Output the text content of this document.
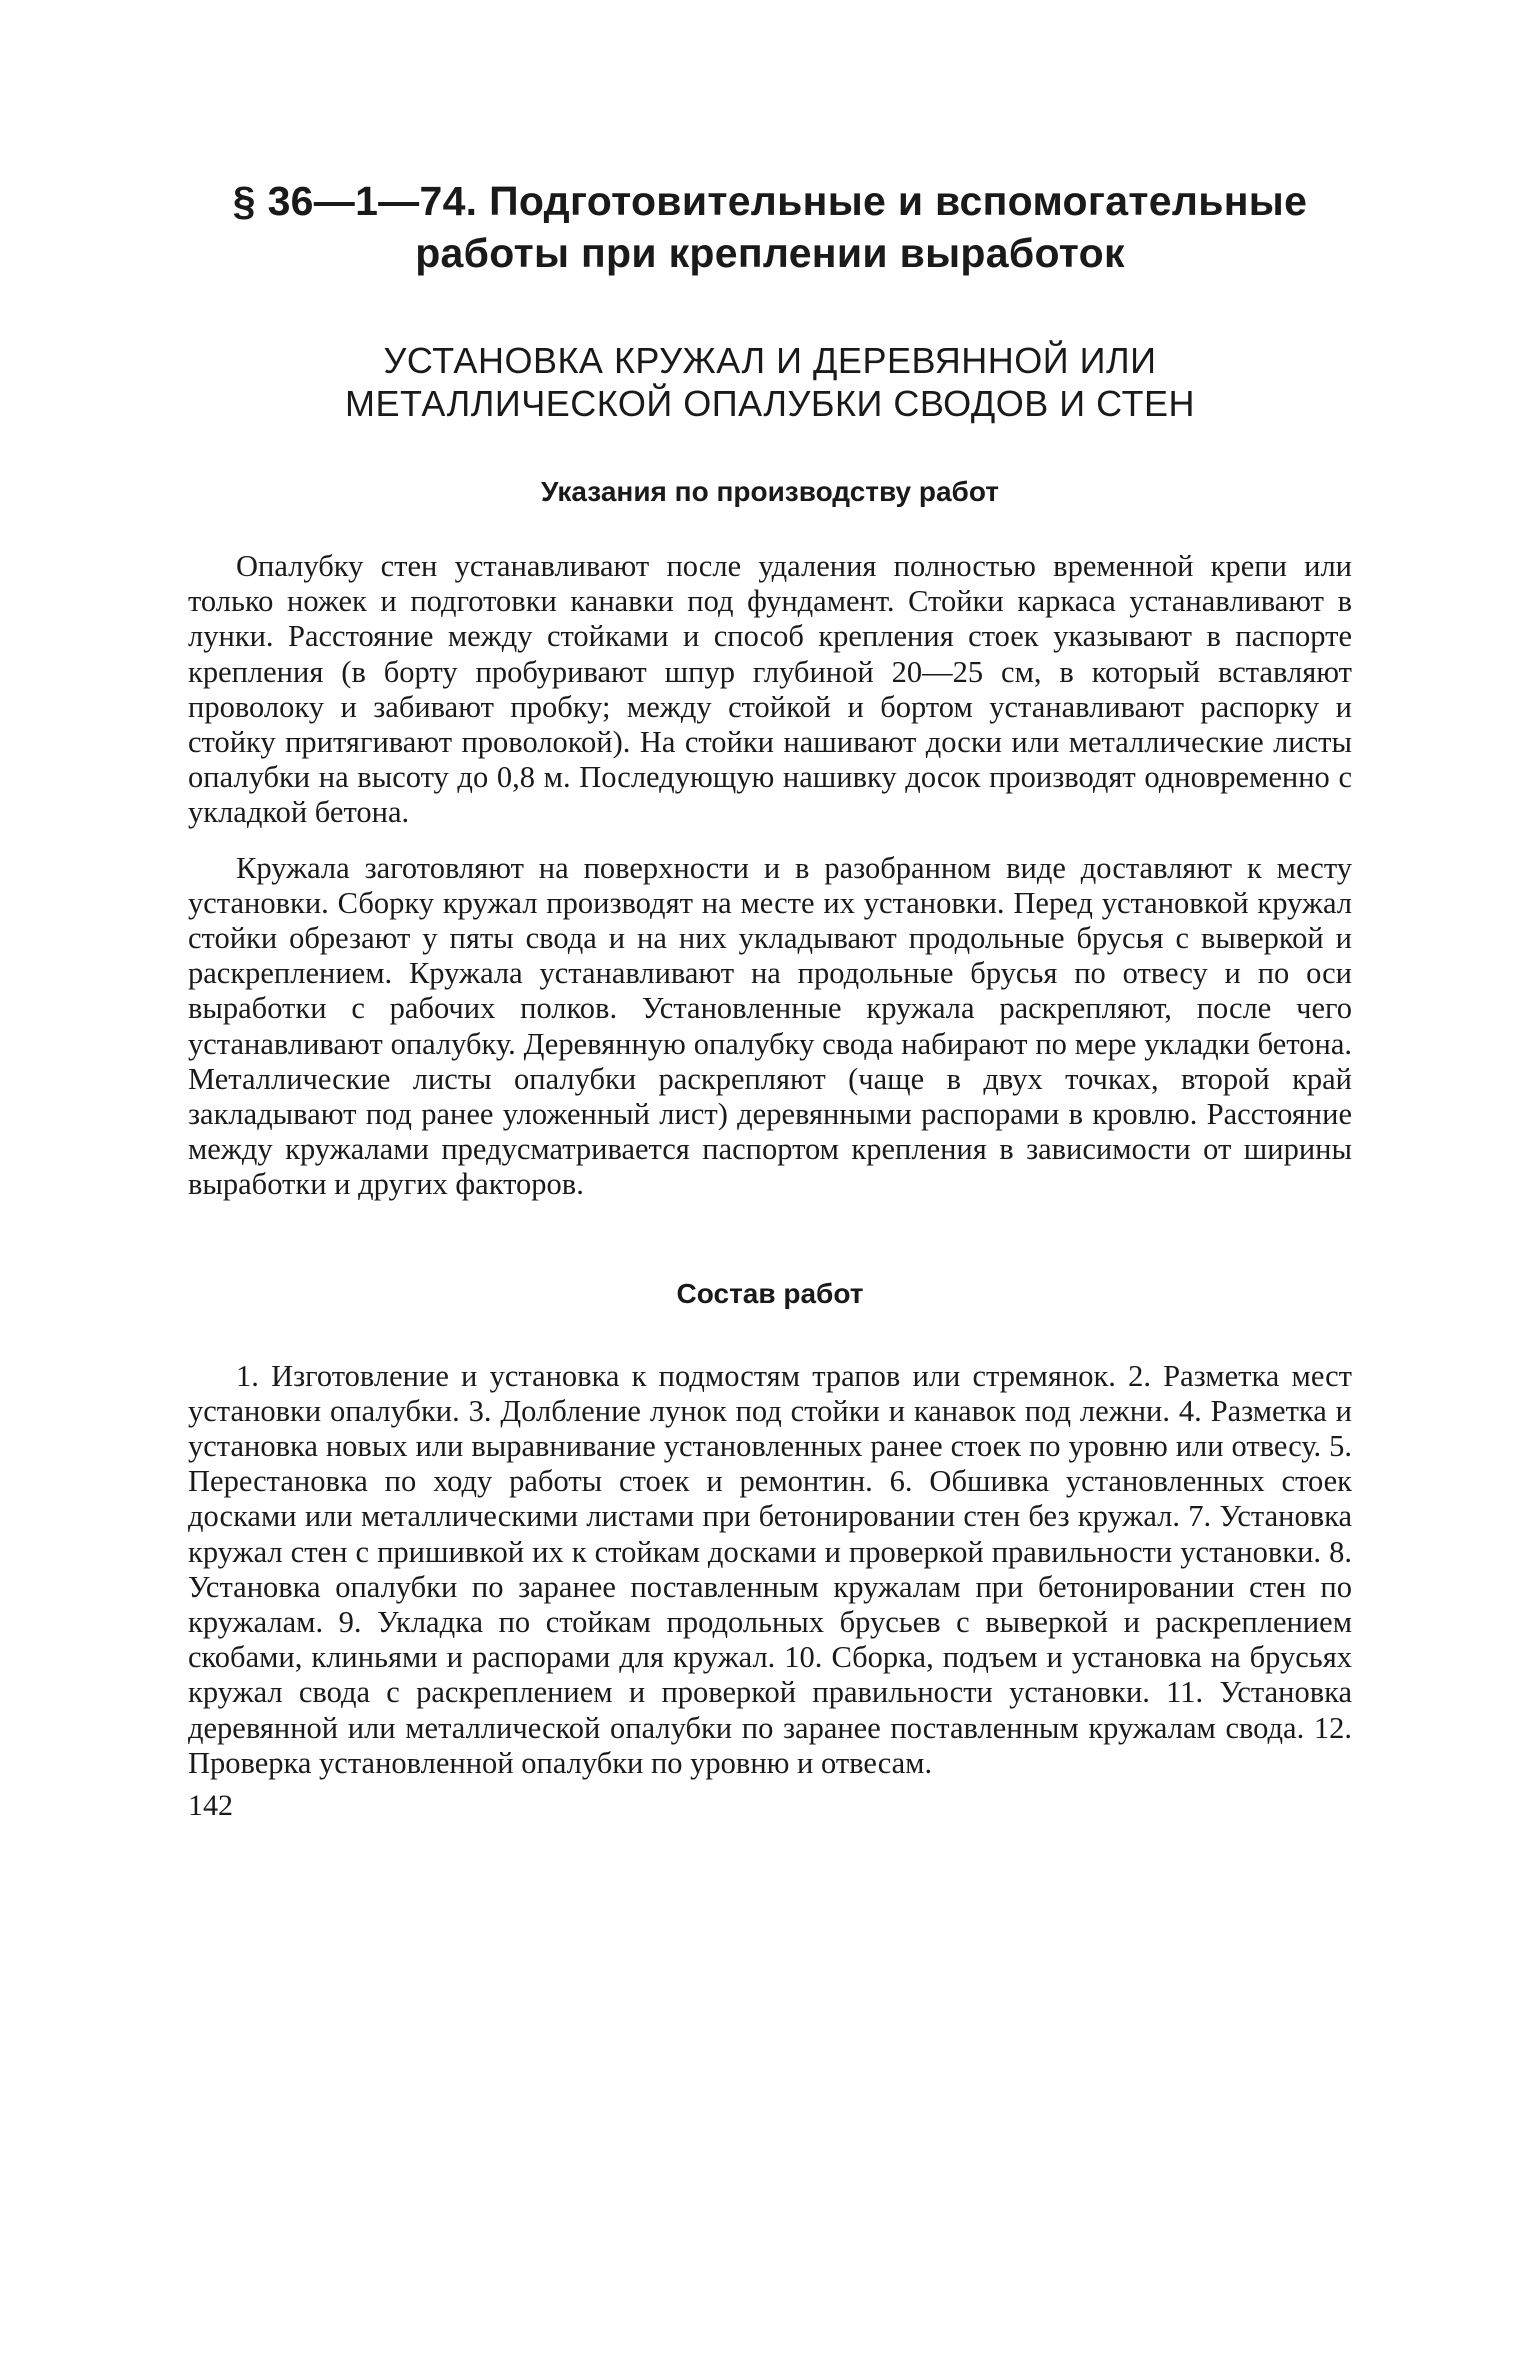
§ 36—1—74. Подготовительные и вспомогательные
работы при креплении выработок
УСТАНОВКА КРУЖАЛ И ДЕРЕВЯННОЙ ИЛИ
МЕТАЛЛИЧЕСКОЙ ОПАЛУБКИ СВОДОВ И СТЕН
Указания по производству работ

Опалубку стен устанавливают после удаления полностью временной крепи или только ножек и подготовки канавки под фундамент. Стойки каркаса устанавливают в лунки. Расстояние между стойками и способ крепления стоек указывают в паспорте крепления (в борту пробуривают шпур глубиной 20—25 см, в который вставляют проволоку и забивают пробку; между стойкой и бортом устанавливают распорку и стойку притягивают проволокой). На стойки нашивают доски или металлические листы опалубки на высоту до 0,8 м. Последующую нашивку досок производят одновременно с укладкой бетона.

Кружала заготовляют на поверхности и в разобранном виде доставляют к месту установки. Сборку кружал производят на месте их установки. Перед установкой кружал стойки обрезают у пяты свода и на них укладывают продольные брусья с выверкой и раскреплением. Кружала устанавливают на продольные брусья по отвесу и по оси выработки с рабочих полков. Установленные кружала раскрепляют, после чего устанавливают опалубку. Деревянную опалубку свода набирают по мере укладки бетона. Металлические листы опалубки раскрепляют (чаще в двух точках, второй край закладывают под ранее уложенный лист) деревянными распорами в кровлю. Расстояние между кружалами предусматривается паспортом крепления в зависимости от ширины выработки и других факторов.

Состав работ

1. Изготовление и установка к подмостям трапов или стремянок. 2. Разметка мест установки опалубки. 3. Долбление лунок под стойки и канавок под лежни. 4. Разметка и установка новых или выравнивание установленных ранее стоек по уровню или отвесу. 5. Перестановка по ходу работы стоек и ремонтин. 6. Обшивка установленных стоек досками или металлическими листами при бетонировании стен без кружал. 7. Установка кружал стен с пришивкой их к стойкам досками и проверкой правильности установки. 8. Установка опалубки по заранее поставленным кружалам при бетонировании стен по кружалам. 9. Укладка по стойкам продольных брусьев с выверкой и раскреплением скобами, клиньями и распорами для кружал. 10. Сборка, подъем и установка на брусьях кружал свода с раскреплением и проверкой правильности установки. 11. Установка деревянной или металлической опалубки по заранее поставленным кружалам свода. 12. Проверка установленной опалубки по уровню и отвесам.

142
